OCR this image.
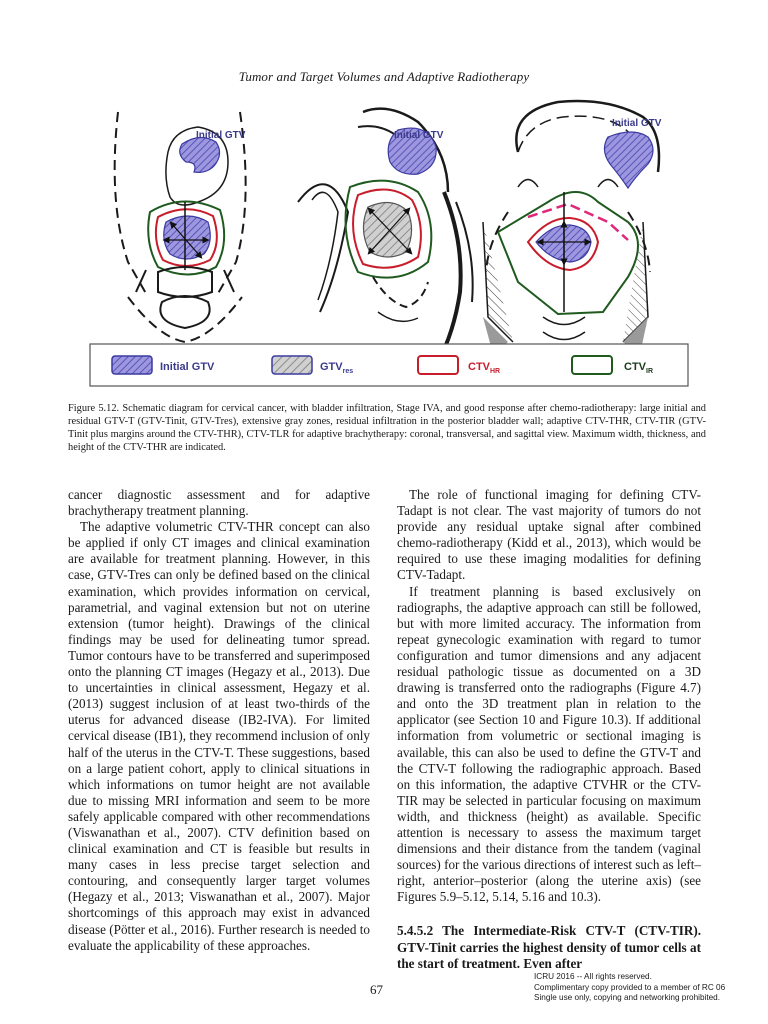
Tumor and Target Volumes and Adaptive Radiotherapy
Initial GTV	Initial GTV
Initial GTV
Initial GTV	$GTV_{res}$	$CTV_{HR}$	$CTV_{IR}$

Figure 5.12. Schematic diagram for cervical cancer, with bladder infiltration, Stage IVA, and good response after chemo-radiotherapy: large initial and residual GTV-T (GTV-Tinit, GTV-Tres), extensive gray zones, residual infiltration in the posterior bladder wall; adaptive CTV-THR, CTV-TIR (GTV-Tinit plus margins around the CTV-THR), CTV-TLR for adaptive brachytherapy: coronal, transversal, and sagittal view. Maximum width, thickness, and height of the CTV-THR are indicated.

cancer diagnostic assessment and for adaptive brachytherapy treatment planning.

The adaptive volumetric CTV-THR concept can also be applied if only CT images and clinical examination are available for treatment planning. However, in this case, GTV-Tres can only be defined based on the clinical examination, which provides information on cervical, parametrial, and vaginal extension but not on uterine extension (tumor height). Drawings of the clinical findings may be used for delineating tumor spread. Tumor contours have to be transferred and superimposed onto the planning CT images (Hegazy et al., 2013). Due to uncertainties in clinical assessment, Hegazy et al. (2013) suggest inclusion of at least two-thirds of the uterus for advanced disease (IB2-IVA). For limited cervical disease (IB1), they recommend inclusion of only half of the uterus in the CTV-T. These suggestions, based on a large patient cohort, apply to clinical situations in which informations on tumor height are not available due to missing MRI information and seem to be more safely applicable compared with other recommendations (Viswanathan et al., 2007). CTV definition based on clinical examination and CT is feasible but results in many cases in less precise target selection and contouring, and consequently larger target volumes (Hegazy et al., 2013; Viswanathan et al., 2007). Major shortcomings of this approach may exist in advanced disease (Pötter et al., 2016). Further research is needed to evaluate the applicability of these approaches.

The role of functional imaging for defining CTV-Tadapt is not clear. The vast majority of tumors do not provide any residual uptake signal after combined chemo-radiotherapy (Kidd et al., 2013), which would be required to use these imaging modalities for defining CTV-Tadapt.

If treatment planning is based exclusively on radiographs, the adaptive approach can still be followed, but with more limited accuracy. The information from repeat gynecologic examination with regard to tumor configuration and tumor dimensions and any adjacent residual pathologic tissue as documented on a 3D drawing is transferred onto the radiographs (Figure 4.7) and onto the 3D treatment plan in relation to the applicator (see Section 10 and Figure 10.3). If additional information from volumetric or sectional imaging is available, this can also be used to define the GTV-T and the CTV-T following the radiographic approach. Based on this information, the adaptive CTVHR or the CTV-TIR may be selected in particular focusing on maximum width, and thickness (height) as available. Specific attention is necessary to assess the maximum target dimensions and their distance from the tandem (vaginal sources) for the various directions of interest such as left–right, anterior–posterior (along the uterine axis) (see Figures 5.9–5.12, 5.14, 5.16 and 10.3).

5.4.5.2 The Intermediate-Risk CTV-T (CTV-TIR). GTV-Tinit carries the highest density of tumor cells at the start of treatment. Even after

67
ICRU 2016 -- All rights reserved.
Complimentary copy provided to a member of RC 06
Single use only, copying and networking prohibited.
